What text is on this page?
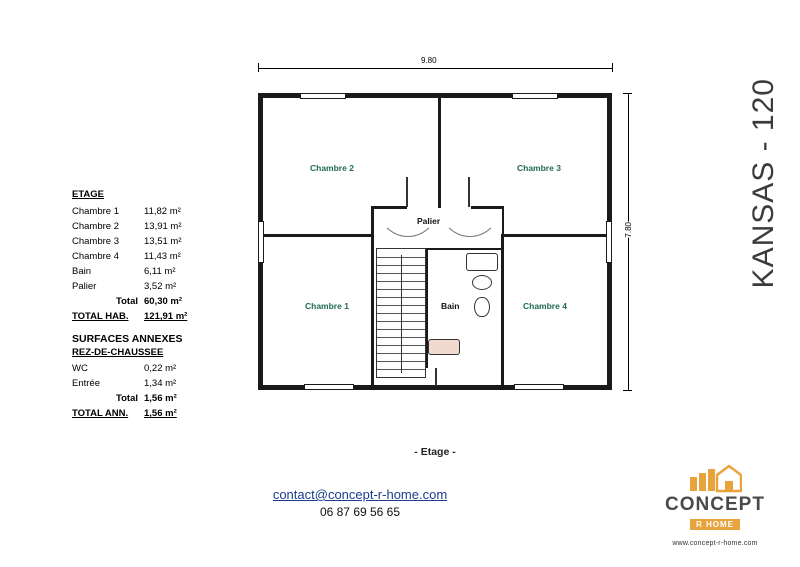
KANSAS - 120
ETAGE
Chambre 1	11,82 m²
Chambre 2	13,91 m²
Chambre 3	13,51 m²
Chambre 4	11,43 m²
Bain	6,11 m²
Palier	3,52 m²
Total 60,30 m²
TOTAL HAB.	121,91 m²
SURFACES ANNEXES
REZ-DE-CHAUSSEE
WC	0,22 m²
Entrée	1,34 m²
Total 1,56 m²
TOTAL ANN.	1,56 m²
9.80
7.80
Chambre 2	Chambre 3
Palier
Chambre 1	Bain	Chambre 4
- Etage -
contact@concept-r-home.com
06 87 69 56 65	CONCEPT
R HOME
www.concept-r-home.com
